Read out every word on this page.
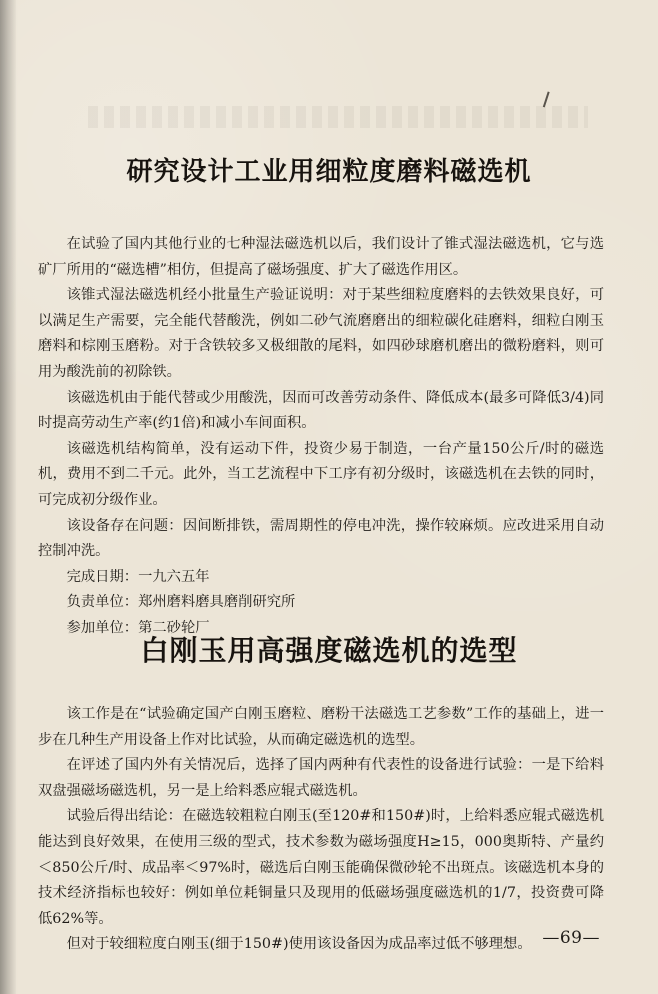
研究设计工业用细粒度磨料磁选机

在试验了国内其他行业的七种湿法磁选机以后，我们设计了锥式湿法磁选机，它与选矿厂所用的“磁选槽”相仿，但提高了磁场强度、扩大了磁选作用区。

该锥式湿法磁选机经小批量生产验证说明：对于某些细粒度磨料的去铁效果良好，可以满足生产需要，完全能代替酸洗，例如二砂气流磨磨出的细粒碳化硅磨料，细粒白刚玉磨料和棕刚玉磨粉。对于含铁较多又极细散的尾料，如四砂球磨机磨出的微粉磨料，则可用为酸洗前的初除铁。

该磁选机由于能代替或少用酸洗，因而可改善劳动条件、降低成本(最多可降低3/4)同时提高劳动生产率(约1倍)和减小车间面积。

该磁选机结构简单，没有运动下件，投资少易于制造，一台产量150公斤/时的磁选机，费用不到二千元。此外，当工艺流程中下工序有初分级时，该磁选机在去铁的同时，可完成初分级作业。

该设备存在问题：因间断排铁，需周期性的停电冲洗，操作较麻烦。应改进采用自动控制冲洗。

完成日期：一九六五年

负责单位：郑州磨料磨具磨削研究所

参加单位：第二砂轮厂

白刚玉用高强度磁选机的选型

该工作是在“试验确定国产白刚玉磨粒、磨粉干法磁选工艺参数”工作的基础上，进一步在几种生产用设备上作对比试验，从而确定磁选机的选型。

在评述了国内外有关情况后，选择了国内两种有代表性的设备进行试验：一是下给料双盘强磁场磁选机，另一是上给料悉应辊式磁选机。

试验后得出结论：在磁选较粗粒白刚玉(至120#和150#)时，上给料悉应辊式磁选机能达到良好效果，在使用三级的型式，技术参数为磁场强度H≥15，000奥斯特、产量约＜850公斤/时、成品率＜97%时，磁选后白刚玉能确保微砂轮不出斑点。该磁选机本身的技术经济指标也较好：例如单位耗铜量只及现用的低磁场强度磁选机的1/7，投资费可降低62%等。

但对于较细粒度白刚玉(细于150#)使用该设备因为成品率过低不够理想。 —69—
